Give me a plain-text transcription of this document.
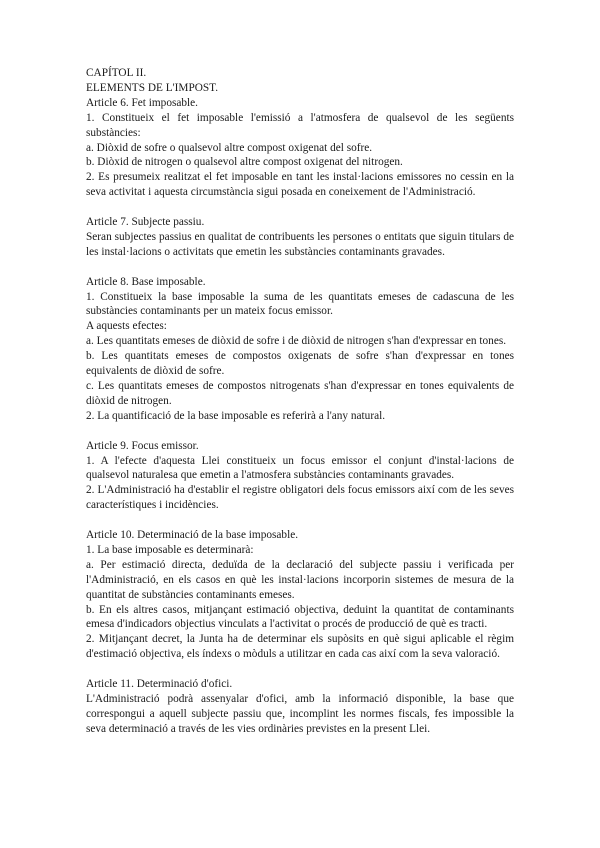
CAPÍTOL II.
ELEMENTS DE L'IMPOST.
Article 6. Fet imposable.
1. Constitueix el fet imposable l'emissió a l'atmosfera de qualsevol de les següents substàncies:
a. Diòxid de sofre o qualsevol altre compost oxigenat del sofre.
b. Diòxid de nitrogen o qualsevol altre compost oxigenat del nitrogen.
2. Es presumeix realitzat el fet imposable en tant les instal·lacions emissores no cessin en la seva activitat i aquesta circumstància sigui posada en coneixement de l'Administració.
Article 7. Subjecte passiu.
Seran subjectes passius en qualitat de contribuents les persones o entitats que siguin titulars de les instal·lacions o activitats que emetin les substàncies contaminants gravades.
Article 8. Base imposable.
1. Constitueix la base imposable la suma de les quantitats emeses de cadascuna de les substàncies contaminants per un mateix focus emissor.
A aquests efectes:
a. Les quantitats emeses de diòxid de sofre i de diòxid de nitrogen s'han d'expressar en tones.
b. Les quantitats emeses de compostos oxigenats de sofre s'han d'expressar en tones equivalents de diòxid de sofre.
c. Les quantitats emeses de compostos nitrogenats s'han d'expressar en tones equivalents de diòxid de nitrogen.
2. La quantificació de la base imposable es referirà a l'any natural.
Article 9. Focus emissor.
1. A l'efecte d'aquesta Llei constitueix un focus emissor el conjunt d'instal·lacions de qualsevol naturalesa que emetin a l'atmosfera substàncies contaminants gravades.
2. L'Administració ha d'establir el registre obligatori dels focus emissors així com de les seves característiques i incidències.
Article 10. Determinació de la base imposable.
1. La base imposable es determinarà:
a. Per estimació directa, deduïda de la declaració del subjecte passiu i verificada per l'Administració, en els casos en què les instal·lacions incorporin sistemes de mesura de la quantitat de substàncies contaminants emeses.
b. En els altres casos, mitjançant estimació objectiva, deduint la quantitat de contaminants emesa d'indicadors objectius vinculats a l'activitat o procés de producció de què es tracti.
2. Mitjançant decret, la Junta ha de determinar els supòsits en què sigui aplicable el règim d'estimació objectiva, els índexs o mòduls a utilitzar en cada cas així com la seva valoració.
Article 11. Determinació d'ofici.
L'Administració podrà assenyalar d'ofici, amb la informació disponible, la base que correspongui a aquell subjecte passiu que, incomplint les normes fiscals, fes impossible la seva determinació a través de les vies ordinàries previstes en la present Llei.
